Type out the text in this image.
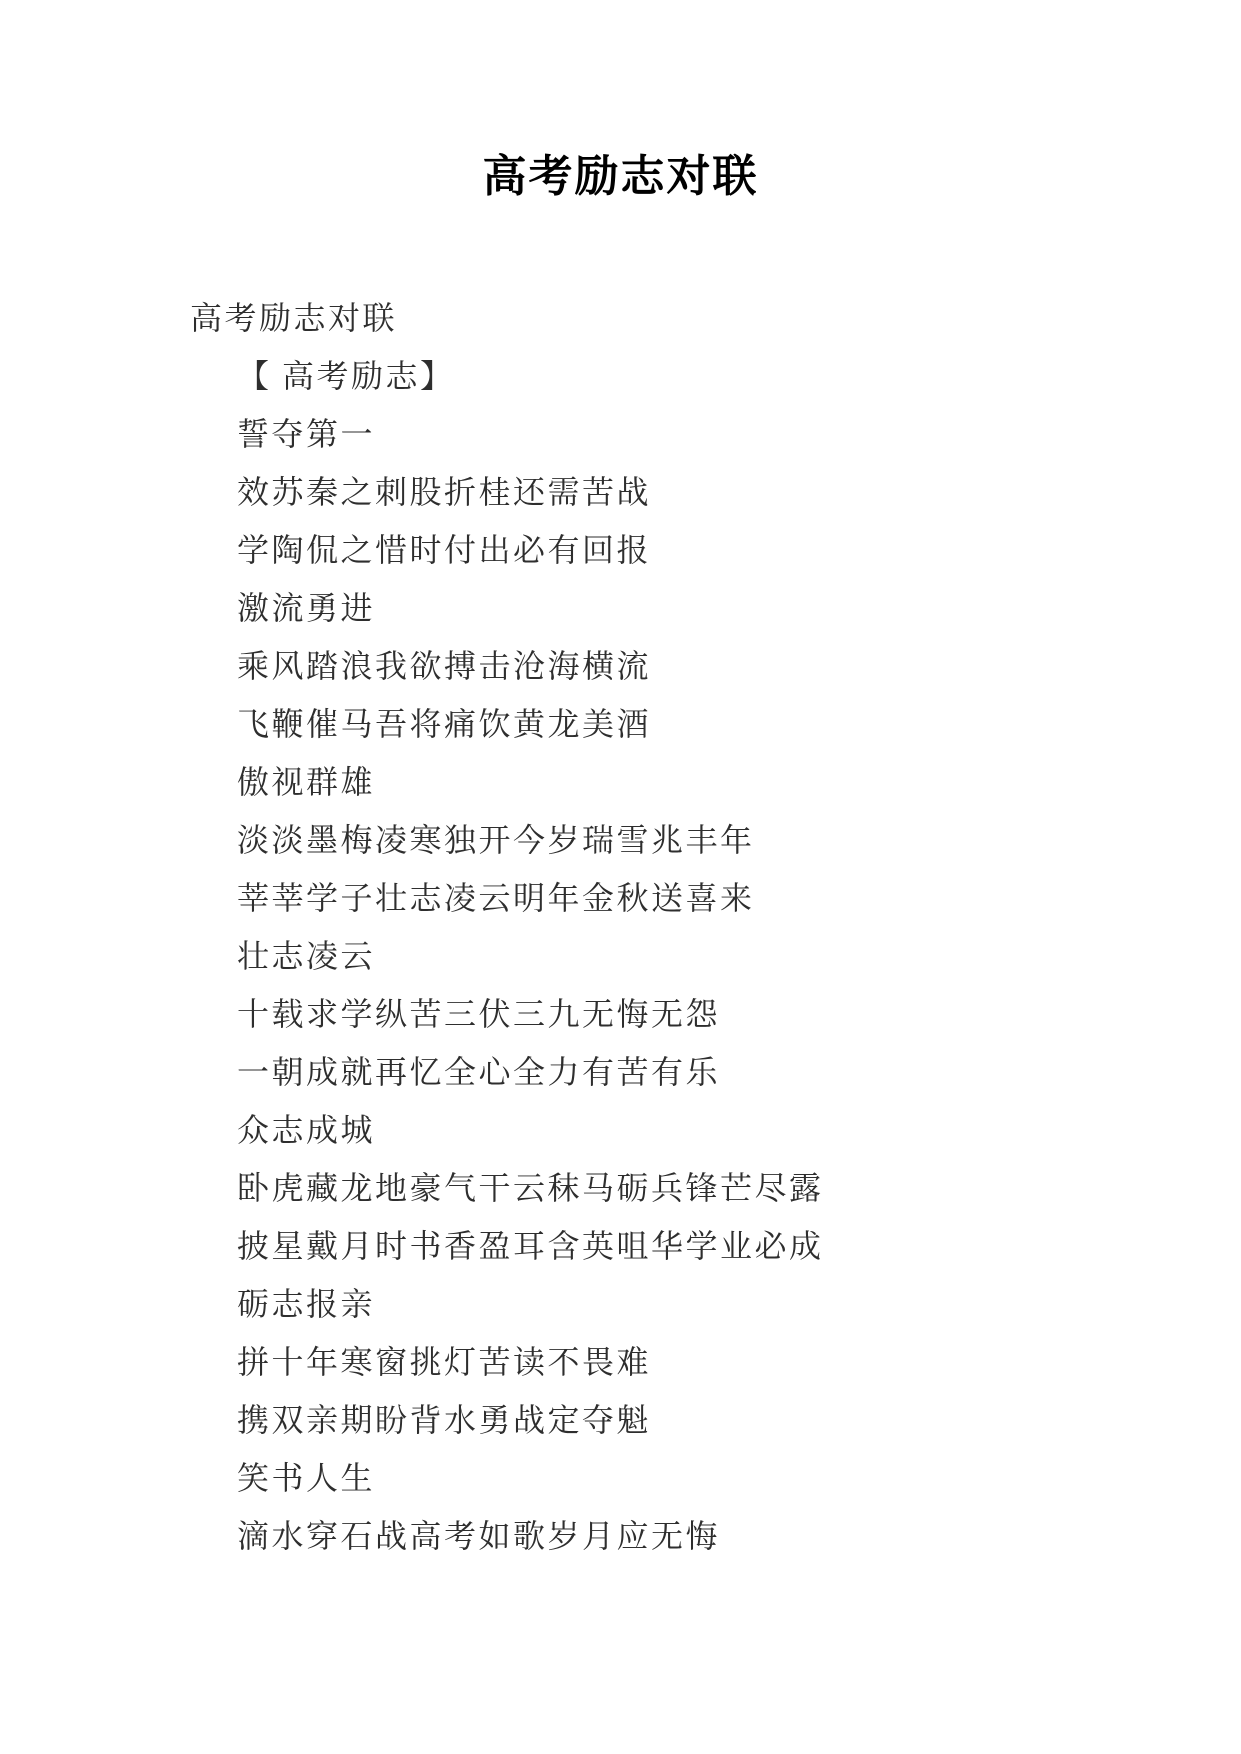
高考励志对联

高考励志对联

【 高考励志】

誓夺第一

效苏秦之刺股折桂还需苦战

学陶侃之惜时付出必有回报

激流勇进

乘风踏浪我欲搏击沧海横流

飞鞭催马吾将痛饮黄龙美酒

傲视群雄

淡淡墨梅凌寒独开今岁瑞雪兆丰年

莘莘学子壮志凌云明年金秋送喜来

壮志凌云

十载求学纵苦三伏三九无悔无怨

一朝成就再忆全心全力有苦有乐

众志成城

卧虎藏龙地豪气干云秣马砺兵锋芒尽露

披星戴月时书香盈耳含英咀华学业必成

砺志报亲

拼十年寒窗挑灯苦读不畏难

携双亲期盼背水勇战定夺魁

笑书人生

滴水穿石战高考如歌岁月应无悔
